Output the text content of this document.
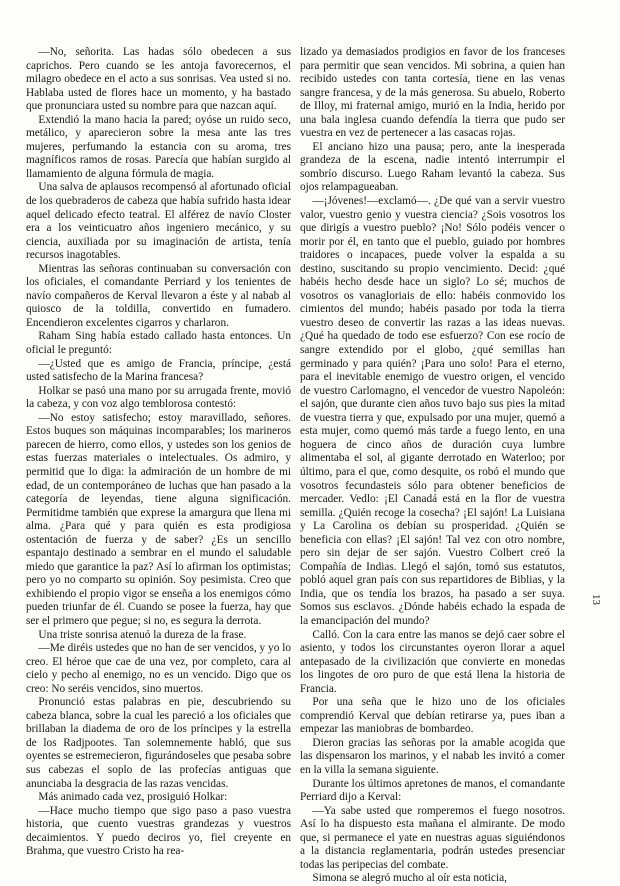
—No, señorita. Las hadas sólo obedecen a sus caprichos. Pero cuando se les antoja favorecernos, el milagro obedece en el acto a sus sonrisas. Vea usted si no. Hablaba usted de flores hace un momento, y ha bastado que pronunciara usted su nombre para que nazcan aquí.

Extendió la mano hacia la pared; oyóse un ruido seco, metálico, y aparecieron sobre la mesa ante las tres mujeres, perfumando la estancia con su aroma, tres magníficos ramos de rosas. Parecía que habían surgido al llamamiento de alguna fórmula de magia.

Una salva de aplausos recompensó al afortunado oficial de los quebraderos de cabeza que había sufrido hasta idear aquel delicado efecto teatral. El alférez de navío Closter era a los veinticuatro años ingeniero mecánico, y su ciencia, auxiliada por su imaginación de artista, tenía recursos inagotables.

Mientras las señoras continuaban su conversación con los oficiales, el comandante Perriard y los tenientes de navío compañeros de Kerval llevaron a éste y al nabab al quiosco de la toldilla, convertido en fumadero. Encendieron excelentes cigarros y charlaron.

Raham Sing había estado callado hasta entonces. Un oficial le preguntó:

—¿Usted que es amigo de Francia, príncipe, ¿está usted satisfecho de la Marina francesa?

Holkar se pasó una mano por su arrugada frente, movió la cabeza, y con voz algo temblorosa contestó:

—No estoy satisfecho; estoy maravillado, señores. Estos buques son máquinas incomparables; los marineros parecen de hierro, como ellos, y ustedes son los genios de estas fuerzas materiales o intelectuales. Os admiro, y permitid que lo diga: la admiración de un hombre de mi edad, de un contemporáneo de luchas que han pasado a la categoría de leyendas, tiene alguna significación. Permitidme también que exprese la amargura que llena mi alma. ¿Para qué y para quién es esta prodigiosa ostentación de fuerza y de saber? ¿Es un sencillo espantajo destinado a sembrar en el mundo el saludable miedo que garantice la paz? Así lo afirman los optimistas; pero yo no comparto su opinión. Soy pesimista. Creo que exhibiendo el propio vigor se enseña a los enemigos cómo pueden triunfar de él. Cuando se posee la fuerza, hay que ser el primero que pegue; si no, es segura la derrota.

Una triste sonrisa atenuó la dureza de la frase.

—Me diréis ustedes que no han de ser vencidos, y yo lo creo. El héroe que cae de una vez, por completo, cara al cielo y pecho al enemigo, no es un vencido. Digo que os creo: No seréis vencidos, sino muertos.

Pronunció estas palabras en pie, descubriendo su cabeza blanca, sobre la cual les pareció a los oficiales que brillaban la diadema de oro de los príncipes y la estrella de los Radjpootes. Tan solemnemente habló, que sus oyentes se estremecieron, figurándoseles que pesaba sobre sus cabezas el soplo de las profecías antiguas que anunciaba la desgracia de las razas vencidas.

Más animado cada vez, prosiguió Holkar:

—Hace mucho tiempo que sigo paso a paso vuestra historia, que cuento vuestras grandezas y vuestros decaimientos. Y puedo deciros yo, fiel creyente en Brahma, que vuestro Cristo ha rea-

lizado ya demasiados prodigios en favor de los franceses para permitir que sean vencidos. Mi sobrina, a quien han recibido ustedes con tanta cortesía, tiene en las venas sangre francesa, y de la más generosa. Su abuelo, Roberto de Illoy, mi fraternal amigo, murió en la India, herido por una bala inglesa cuando defendía la tierra que pudo ser vuestra en vez de pertenecer a las casacas rojas.

El anciano hizo una pausa; pero, ante la inesperada grandeza de la escena, nadie intentó interrumpir el sombrío discurso. Luego Raham levantó la cabeza. Sus ojos relampagueaban.

—¡Jóvenes!—exclamó—. ¿De qué van a servir vuestro valor, vuestro genio y vuestra ciencia? ¿Sois vosotros los que dirigís a vuestro pueblo? ¡No! Sólo podéis vencer o morir por él, en tanto que el pueblo, guiado por hombres traidores o incapaces, puede volver la espalda a su destino, suscitando su propio vencimiento. Decid: ¿qué habéis hecho desde hace un siglo? Lo sé; muchos de vosotros os vanagloriais de ello: habéis conmovido los cimientos del mundo; habéis pasado por toda la tierra vuestro deseo de convertir las razas a las ideas nuevas. ¿Qué ha quedado de todo ese esfuerzo? Con ese rocío de sangre extendido por el globo, ¿qué semillas han germinado y para quién? ¡Para uno solo! Para el eterno, para el inevitable enemigo de vuestro origen, el vencido de vuestro Carlomagno, el vencedor de vuestro Napoleón: el sajón, que durante cien años tuvo bajo sus pies la mitad de vuestra tierra y que, expulsado por una mujer, quemó a esta mujer, como quemó más tarde a fuego lento, en una hoguera de cinco años de duración cuya lumbre alimentaba el sol, al gigante derrotado en Waterloo; por último, para el que, como desquite, os robó el mundo que vosotros fecundasteis sólo para obtener beneficios de mercader. Vedlo: ¡El Canadá está en la flor de vuestra semilla. ¿Quién recoge la cosecha? ¡El sajón! La Luisiana y La Carolina os debían su prosperidad. ¿Quién se beneficia con ellas? ¡El sajón! Tal vez con otro nombre, pero sin dejar de ser sajón. Vuestro Colbert creó la Compañía de Indias. Llegó el sajón, tomó sus estatutos, pobló aquel gran país con sus repartidores de Biblias, y la India, que os tendía los brazos, ha pasado a ser suya. Somos sus esclavos. ¿Dónde habéis echado la espada de la emancipación del mundo?

Calló. Con la cara entre las manos se dejó caer sobre el asiento, y todos los circunstantes oyeron llorar a aquel antepasado de la civilización que convierte en monedas los lingotes de oro puro de que está llena la historia de Francia.

Por una seña que le hizo uno de los oficiales comprendió Kerval que debían retirarse ya, pues iban a empezar las maniobras de bombardeo.

Dieron gracias las señoras por la amable acogida que las dispensaron los marinos, y el nabab les invitó a comer en la villa la semana siguiente.

Durante los últimos apretones de manos, el comandante Perriard dijo a Kerval:

—Ya sabe usted que romperemos el fuego nosotros. Así lo ha dispuesto esta mañana el almirante. De modo que, si permanece el yate en nuestras aguas siguiéndonos a la distancia reglamentaria, podrán ustedes presenciar todas las peripecias del combate.

Simona se alegró mucho al oír esta noticia,

13
